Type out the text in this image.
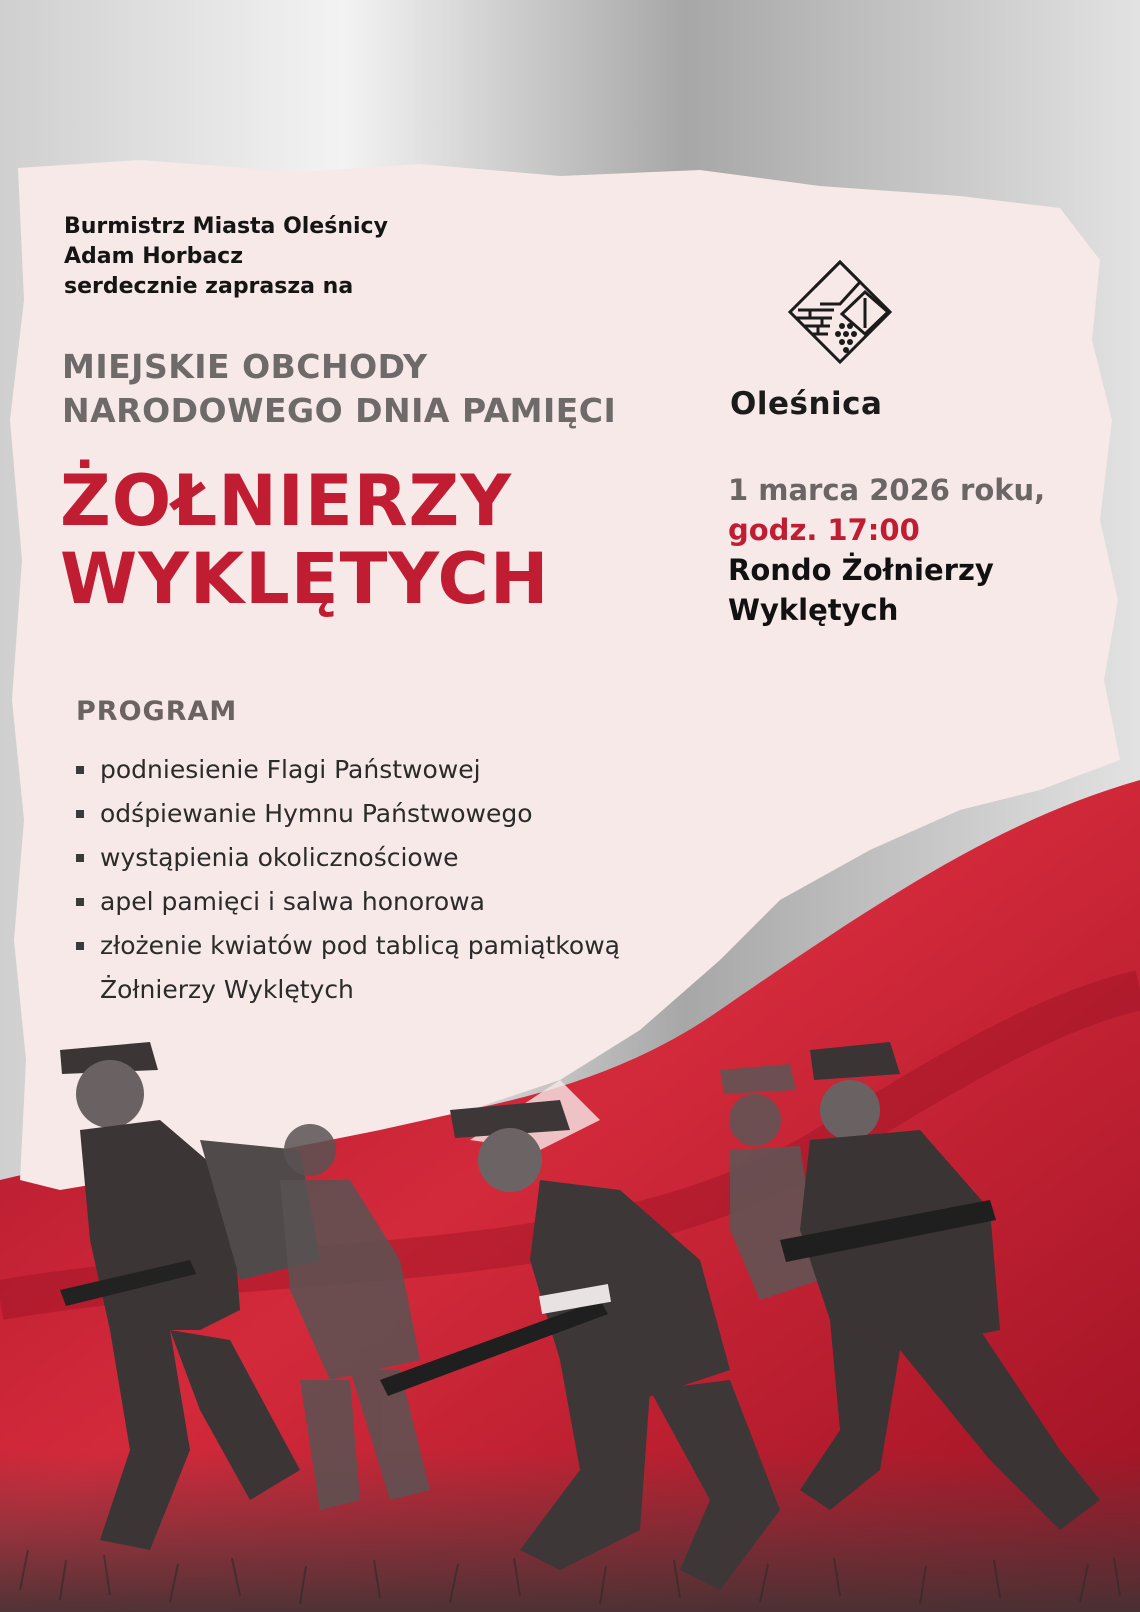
Burmistrz Miasta Oleśnicy
Adam Horbacz
serdecznie zaprasza na

MIEJSKIE OBCHODY
NARODOWEGO DNIA PAMIĘCI
ŻOŁNIERZY
WYKLĘTYCH
Oleśnica

1 marca 2026 roku,
godz. 17:00
Rondo Żołnierzy
Wyklętych

PROGRAM
podniesienie Flagi Państwowej
odśpiewanie Hymnu Państwowego
wystąpienia okolicznościowe
apel pamięci i salwa honorowa
złożenie kwiatów pod tablicą pamiątkową Żołnierzy Wyklętych
